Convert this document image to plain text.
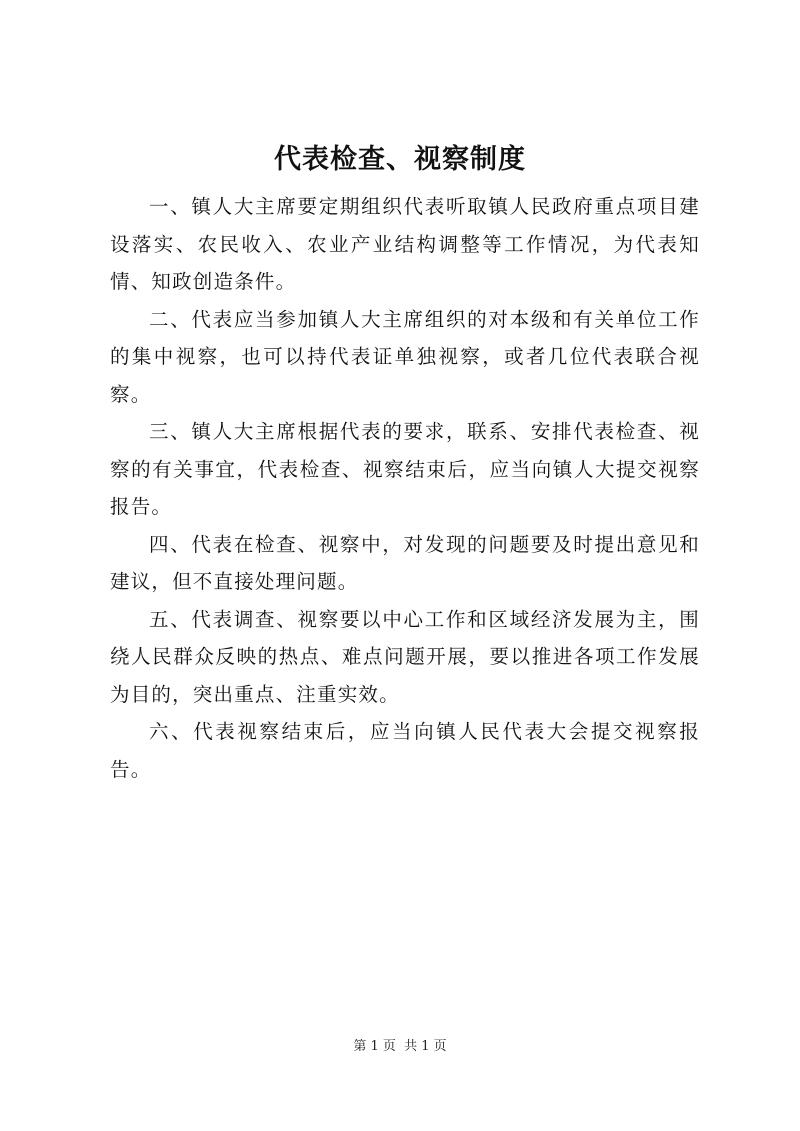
代表检查、视察制度

一、镇人大主席要定期组织代表听取镇人民政府重点项目建设落实、农民收入、农业产业结构调整等工作情况，为代表知情、知政创造条件。

二、代表应当参加镇人大主席组织的对本级和有关单位工作的集中视察，也可以持代表证单独视察，或者几位代表联合视察。

三、镇人大主席根据代表的要求，联系、安排代表检查、视察的有关事宜，代表检查、视察结束后，应当向镇人大提交视察报告。

四、代表在检查、视察中，对发现的问题要及时提出意见和建议，但不直接处理问题。

五、代表调查、视察要以中心工作和区域经济发展为主，围绕人民群众反映的热点、难点问题开展，要以推进各项工作发展为目的，突出重点、注重实效。

六、代表视察结束后，应当向镇人民代表大会提交视察报告。

第 1 页  共 1 页
